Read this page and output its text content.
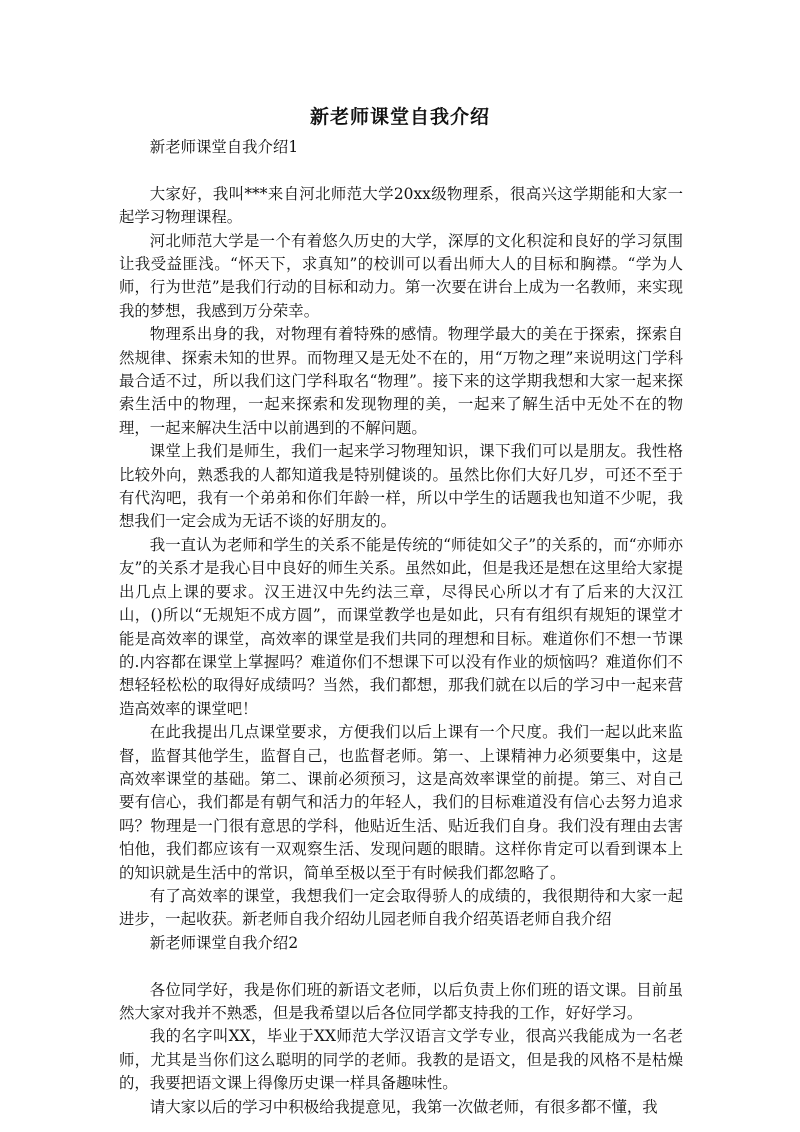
新老师课堂自我介绍

新老师课堂自我介绍1

大家好，我叫***来自河北师范大学20xx级物理系，很高兴这学期能和大家一起学习物理课程。

河北师范大学是一个有着悠久历史的大学，深厚的文化积淀和良好的学习氛围让我受益匪浅。“怀天下，求真知”的校训可以看出师大人的目标和胸襟。“学为人师，行为世范”是我们行动的目标和动力。第一次要在讲台上成为一名教师，来实现我的梦想，我感到万分荣幸。

物理系出身的我，对物理有着特殊的感情。物理学最大的美在于探索，探索自然规律、探索未知的世界。而物理又是无处不在的，用“万物之理”来说明这门学科最合适不过，所以我们这门学科取名“物理”。接下来的这学期我想和大家一起来探索生活中的物理，一起来探索和发现物理的美，一起来了解生活中无处不在的物理，一起来解决生活中以前遇到的不解问题。

课堂上我们是师生，我们一起来学习物理知识，课下我们可以是朋友。我性格比较外向，熟悉我的人都知道我是特别健谈的。虽然比你们大好几岁，可还不至于有代沟吧，我有一个弟弟和你们年龄一样，所以中学生的话题我也知道不少呢，我想我们一定会成为无话不谈的好朋友的。

我一直认为老师和学生的关系不能是传统的“师徒如父子”的关系的，而“亦师亦友”的关系才是我心目中良好的师生关系。虽然如此，但是我还是想在这里给大家提出几点上课的要求。汉王进汉中先约法三章，尽得民心所以才有了后来的大汉江山，()所以“无规矩不成方圆”，而课堂教学也是如此，只有有组织有规矩的课堂才能是高效率的课堂，高效率的课堂是我们共同的理想和目标。难道你们不想一节课的.内容都在课堂上掌握吗？难道你们不想课下可以没有作业的烦恼吗？难道你们不想轻轻松松的取得好成绩吗？当然，我们都想，那我们就在以后的学习中一起来营造高效率的课堂吧！

在此我提出几点课堂要求，方便我们以后上课有一个尺度。我们一起以此来监督，监督其他学生，监督自己，也监督老师。第一、上课精神力必须要集中，这是高效率课堂的基础。第二、课前必须预习，这是高效率课堂的前提。第三、对自己要有信心，我们都是有朝气和活力的年轻人，我们的目标难道没有信心去努力追求吗？物理是一门很有意思的学科，他贴近生活、贴近我们自身。我们没有理由去害怕他，我们都应该有一双观察生活、发现问题的眼睛。这样你肯定可以看到课本上的知识就是生活中的常识，简单至极以至于有时候我们都忽略了。

有了高效率的课堂，我想我们一定会取得骄人的成绩的，我很期待和大家一起进步，一起收获。新老师自我介绍幼儿园老师自我介绍英语老师自我介绍

新老师课堂自我介绍2

各位同学好，我是你们班的新语文老师，以后负责上你们班的语文课。目前虽然大家对我并不熟悉，但是我希望以后各位同学都支持我的工作，好好学习。

我的名字叫XX，毕业于XX师范大学汉语言文学专业，很高兴我能成为一名老师，尤其是当你们这么聪明的同学的老师。我教的是语文，但是我的风格不是枯燥的，我要把语文课上得像历史课一样具备趣味性。

请大家以后的学习中积极给我提意见，我第一次做老师，有很多都不懂，我
